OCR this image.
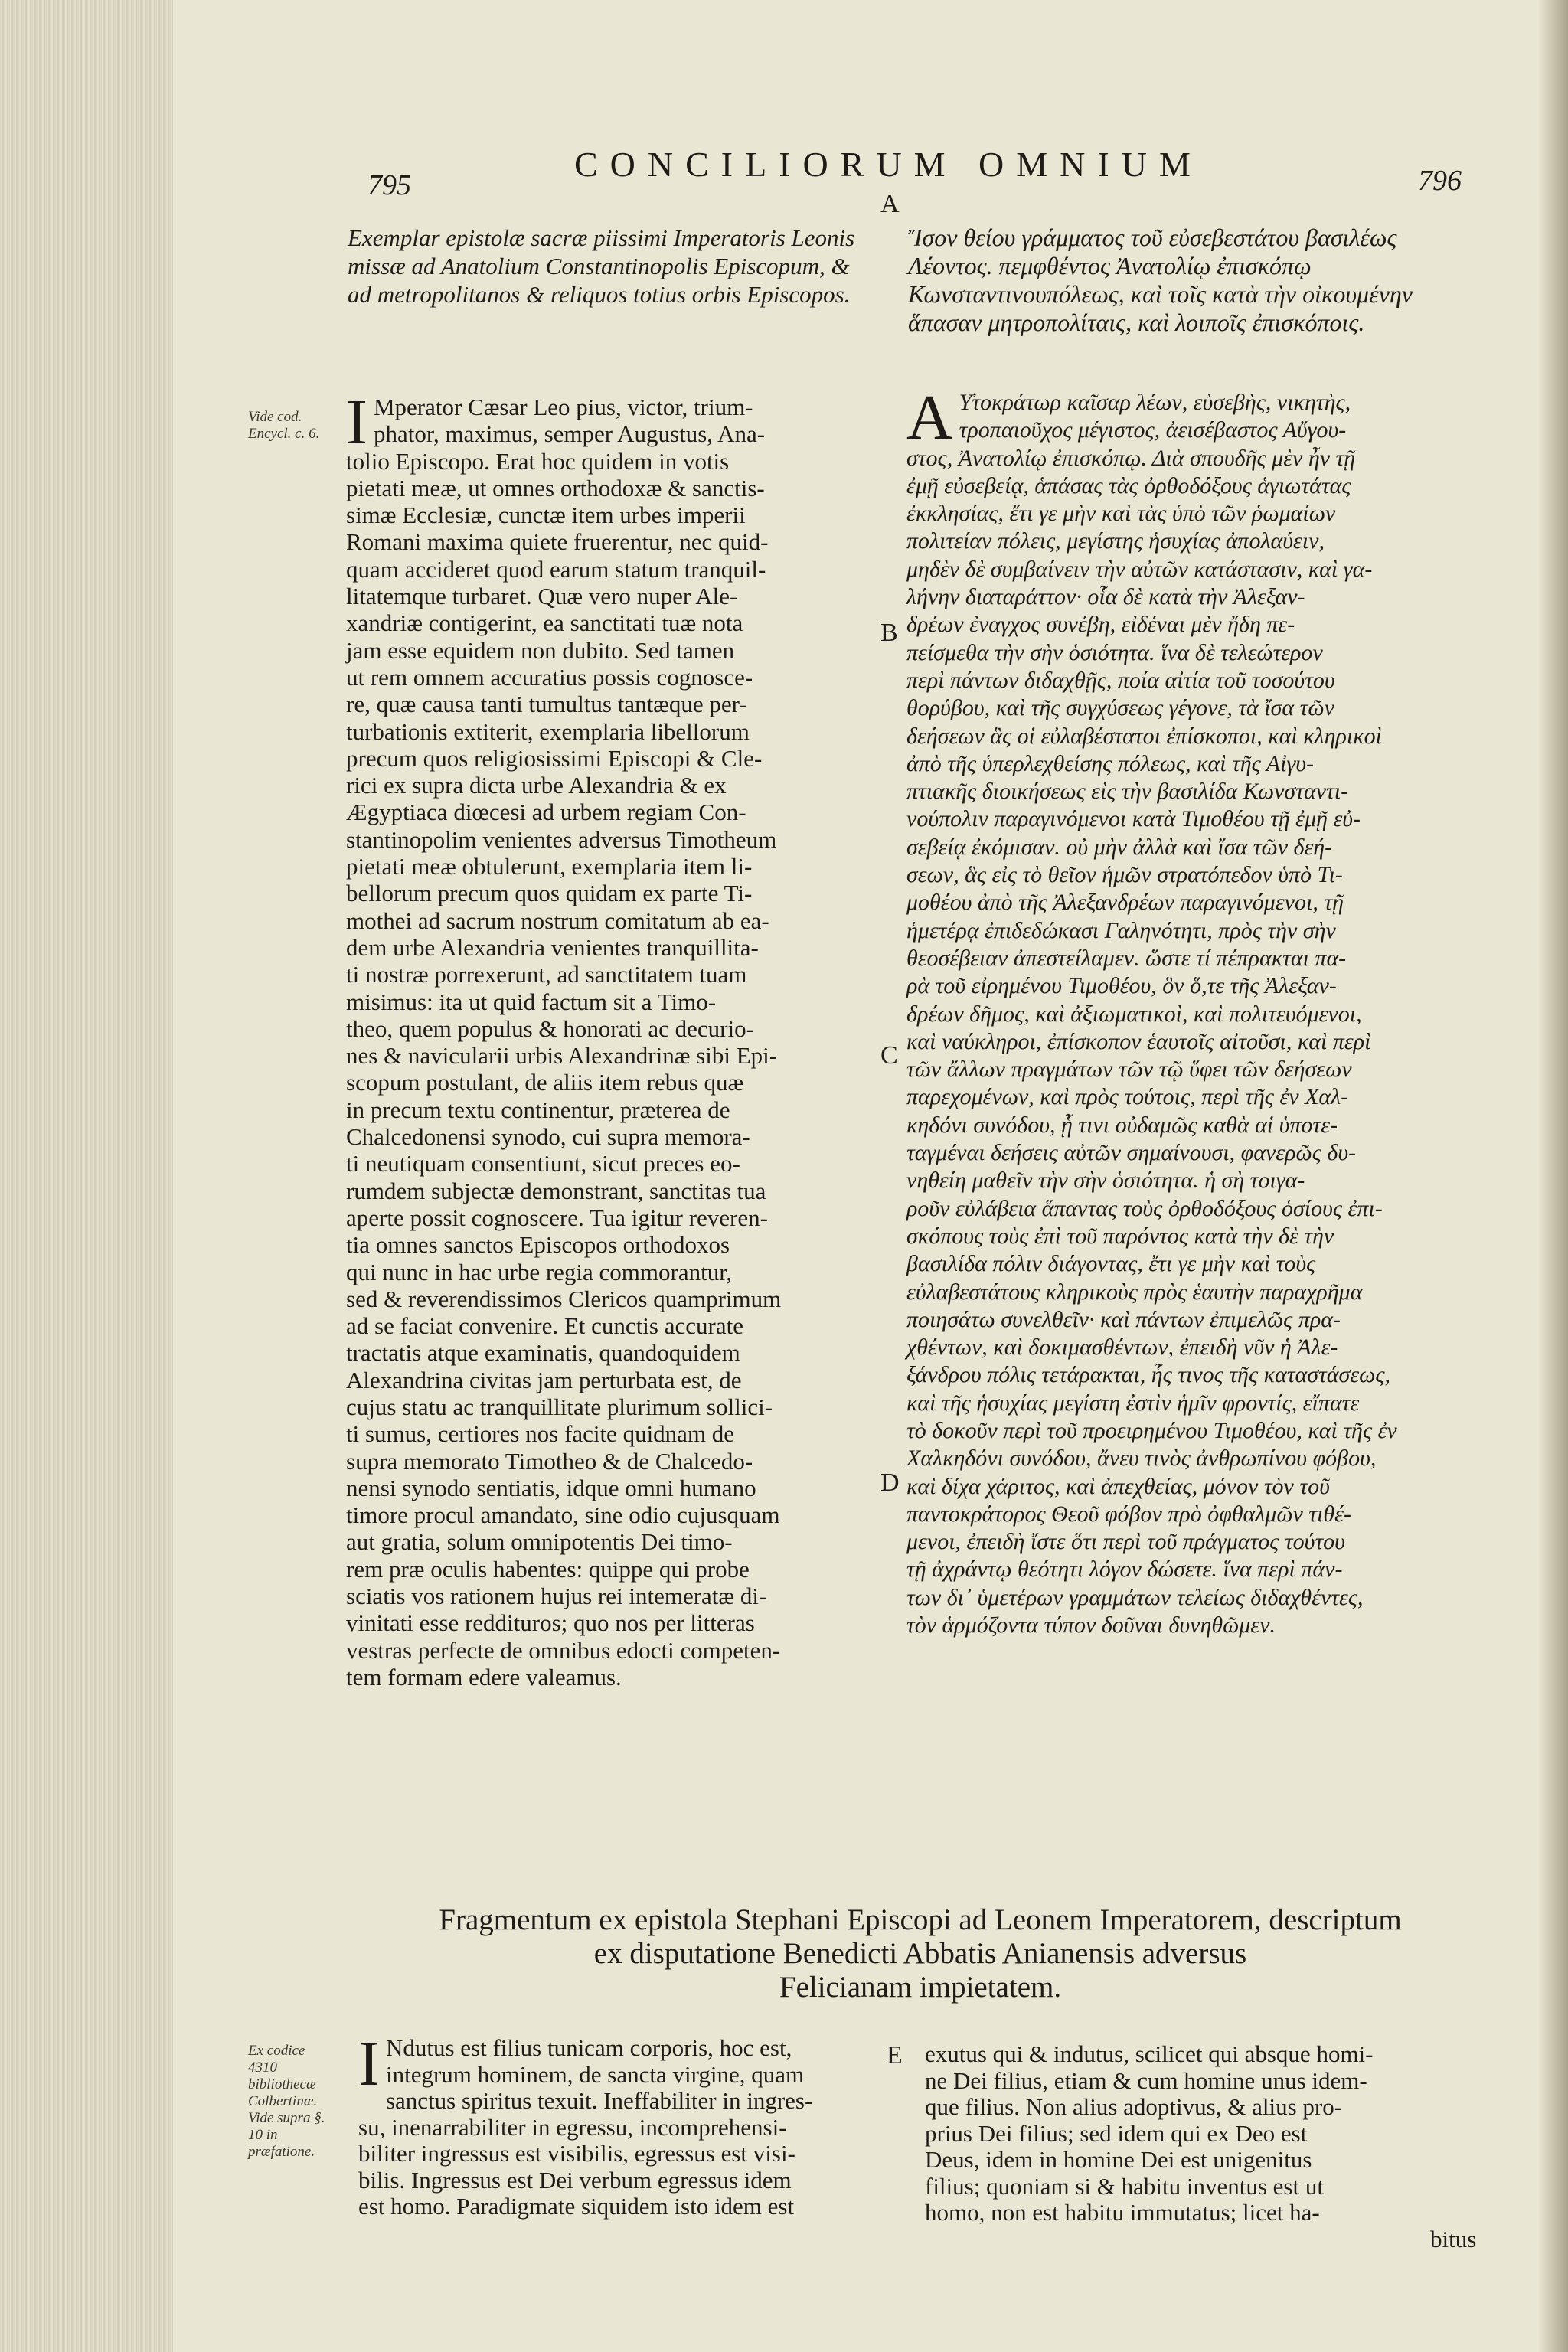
795
CONCILIORUM OMNIUM	796
A
Exemplar epistolæ sacræ piissimi Imperatoris Leonis missæ ad Anatolium Constantinopolis Episcopum, & ad metropolitanos & reliquos totius orbis Episcopos.
Ἴσον θείου γράμματος τοῦ εὐσεβεστάτου βασιλέως Λέοντος. πεμφθέντος Ἀνατολίῳ ἐπισκόπῳ Κωνσταντινουπόλεως, καὶ τοῖς κατὰ τὴν οἰκουμένην ἅπασαν μητροπολίταις, καὶ λοιποῖς ἐπισκόποις.
Vide cod. Encycl. c. 6.
Ex codice 4310 bibliothecæ Colbertinæ. Vide supra §. 10 in præfatione.
B
C
D
E
I Mperator Cæsar Leo pius, victor, trium-
phator, maximus, semper Augustus, Ana-
tolio Episcopo. Erat hoc quidem in votis
pietati meæ, ut omnes orthodoxæ & sanctis-
simæ Ecclesiæ, cunctæ item urbes imperii
Romani maxima quiete fruerentur, nec quid-
quam accideret quod earum statum tranquil-
litatemque turbaret. Quæ vero nuper Ale-
xandriæ contigerint, ea sanctitati tuæ nota
jam esse equidem non dubito. Sed tamen
ut rem omnem accuratius possis cognosce-
re, quæ causa tanti tumultus tantæque per-
turbationis extiterit, exemplaria libellorum
precum quos religiosissimi Episcopi & Cle-
rici ex supra dicta urbe Alexandria & ex
Ægyptiaca diœcesi ad urbem regiam Con-
stantinopolim venientes adversus Timotheum
pietati meæ obtulerunt, exemplaria item li-
bellorum precum quos quidam ex parte Ti-
mothei ad sacrum nostrum comitatum ab ea-
dem urbe Alexandria venientes tranquillita-
ti nostræ porrexerunt, ad sanctitatem tuam
misimus: ita ut quid factum sit a Timo-
theo, quem populus & honorati ac decurio-
nes & navicularii urbis Alexandrinæ sibi Epi-
scopum postulant, de aliis item rebus quæ
in precum textu continentur, præterea de
Chalcedonensi synodo, cui supra memora-
ti neutiquam consentiunt, sicut preces eo-
rumdem subjectæ demonstrant, sanctitas tua
aperte possit cognoscere. Tua igitur reveren-
tia omnes sanctos Episcopos orthodoxos
qui nunc in hac urbe regia commorantur,
sed & reverendissimos Clericos quamprimum
ad se faciat convenire. Et cunctis accurate
tractatis atque examinatis, quandoquidem
Alexandrina civitas jam perturbata est, de
cujus statu ac tranquillitate plurimum sollici-
ti sumus, certiores nos facite quidnam de
supra memorato Timotheo & de Chalcedo-
nensi synodo sentiatis, idque omni humano
timore procul amandato, sine odio cujusquam
aut gratia, solum omnipotentis Dei timo-
rem præ oculis habentes: quippe qui probe
sciatis vos rationem hujus rei intemeratæ di-
vinitati esse reddituros; quo nos per litteras
vestras perfecte de omnibus edocti competen-
tem formam edere valeamus.
Α Υ̓τοκράτωρ καῖσαρ λέων, εὐσεβὴς, νικητὴς,
τροπαιοῦχος μέγιστος, ἀεισέβαστος Αὔγου-
στος, Ἀνατολίῳ ἐπισκόπῳ. Διὰ σπουδῆς μὲν ἦν τῇ
ἐμῇ εὐσεβείᾳ, ἁπάσας τὰς ὀρθοδόξους ἁγιωτάτας
ἐκκλησίας, ἔτι γε μὴν καὶ τὰς ὑπὸ τῶν ῥωμαίων
πολιτείαν πόλεις, μεγίστης ἡσυχίας ἀπολαύειν,
μηδὲν δὲ συμβαίνειν τὴν αὐτῶν κατάστασιν, καὶ γα-
λήνην διαταράττον· οἷα δὲ κατὰ τὴν Ἀλεξαν-
δρέων ἐναγχος συνέβη, εἰδέναι μὲν ἤδη πε-
πείσμεθα τὴν σὴν ὁσιότητα. ἵνα δὲ τελεώτερον
περὶ πάντων διδαχθῇς, ποία αἰτία τοῦ τοσούτου
θορύβου, καὶ τῆς συγχύσεως γέγονε, τὰ ἴσα τῶν
δεήσεων ἃς οἱ εὐλαβέστατοι ἐπίσκοποι, καὶ κληρικοὶ
ἀπὸ τῆς ὑπερλεχθείσης πόλεως, καὶ τῆς Αἰγυ-
πτιακῆς διοικήσεως εἰς τὴν βασιλίδα Κωνσταντι-
νούπολιν παραγινόμενοι κατὰ Τιμοθέου τῇ ἐμῇ εὐ-
σεβείᾳ ἐκόμισαν. οὐ μὴν ἀλλὰ καὶ ἴσα τῶν δεή-
σεων, ἃς εἰς τὸ θεῖον ἡμῶν στρατόπεδον ὑπὸ Τι-
μοθέου ἀπὸ τῆς Ἀλεξανδρέων παραγινόμενοι, τῇ
ἡμετέρᾳ ἐπιδεδώκασι Γαληνότητι, πρὸς τὴν σὴν
θεοσέβειαν ἀπεστείλαμεν. ὥστε τί πέπρακται πα-
ρὰ τοῦ εἰρημένου Τιμοθέου, ὃν ὅ,τε τῆς Ἀλεξαν-
δρέων δῆμος, καὶ ἀξιωματικοὶ, καὶ πολιτευόμενοι,
καὶ ναύκληροι, ἐπίσκοπον ἑαυτοῖς αἰτοῦσι, καὶ περὶ
τῶν ἄλλων πραγμάτων τῶν τῷ ὕφει τῶν δεήσεων
παρεχομένων, καὶ πρὸς τούτοις, περὶ τῆς ἐν Χαλ-
κηδόνι συνόδου, ᾗ τινι οὐδαμῶς καθὰ αἱ ὑποτε-
ταγμέναι δεήσεις αὐτῶν σημαίνουσι, φανερῶς δυ-
νηθείη μαθεῖν τὴν σὴν ὁσιότητα. ἡ σὴ τοιγα-
ροῦν εὐλάβεια ἅπαντας τοὺς ὀρθοδόξους ὁσίους ἐπι-
σκόπους τοὺς ἐπὶ τοῦ παρόντος κατὰ τὴν δὲ τὴν
βασιλίδα πόλιν διάγοντας, ἔτι γε μὴν καὶ τοὺς
εὐλαβεστάτους κληρικοὺς πρὸς ἑαυτὴν παραχρῆμα
ποιησάτω συνελθεῖν· καὶ πάντων ἐπιμελῶς πρα-
χθέντων, καὶ δοκιμασθέντων, ἐπειδὴ νῦν ἡ Ἀλε-
ξάνδρου πόλις τετάρακται, ἧς τινος τῆς καταστάσεως,
καὶ τῆς ἡσυχίας μεγίστη ἐστὶν ἡμῖν φροντίς, εἴπατε
τὸ δοκοῦν περὶ τοῦ προειρημένου Τιμοθέου, καὶ τῆς ἐν
Χαλκηδόνι συνόδου, ἄνευ τινὸς ἀνθρωπίνου φόβου,
καὶ δίχα χάριτος, καὶ ἀπεχθείας, μόνον τὸν τοῦ
παντοκράτορος Θεοῦ φόβον πρὸ ὀφθαλμῶν τιθέ-
μενοι, ἐπειδὴ ἴστε ὅτι περὶ τοῦ πράγματος τούτου
τῇ ἀχράντῳ θεότητι λόγον δώσετε. ἵνα περὶ πάν-
των δι᾽ ὑμετέρων γραμμάτων τελείως διδαχθέντες,
τὸν ἁρμόζοντα τύπον δοῦναι δυνηθῶμεν.
Fragmentum ex epistola Stephani Episcopi ad Leonem Imperatorem, descriptum
ex disputatione Benedicti Abbatis Anianensis adversus
Felicianam impietatem.
I Ndutus est filius tunicam corporis, hoc est,
integrum hominem, de sancta virgine, quam
sanctus spiritus texuit. Ineffabiliter in ingres-
su, inenarrabiliter in egressu, incomprehensi-
biliter ingressus est visibilis, egressus est visi-
bilis. Ingressus est Dei verbum egressus idem
est homo. Paradigmate siquidem isto idem est
exutus qui & indutus, scilicet qui absque homi-
ne Dei filius, etiam & cum homine unus idem-
que filius. Non alius adoptivus, & alius pro-
prius Dei filius; sed idem qui ex Deo est
Deus, idem in homine Dei est unigenitus
filius; quoniam si & habitu inventus est ut
homo, non est habitu immutatus; licet ha-
bitus
